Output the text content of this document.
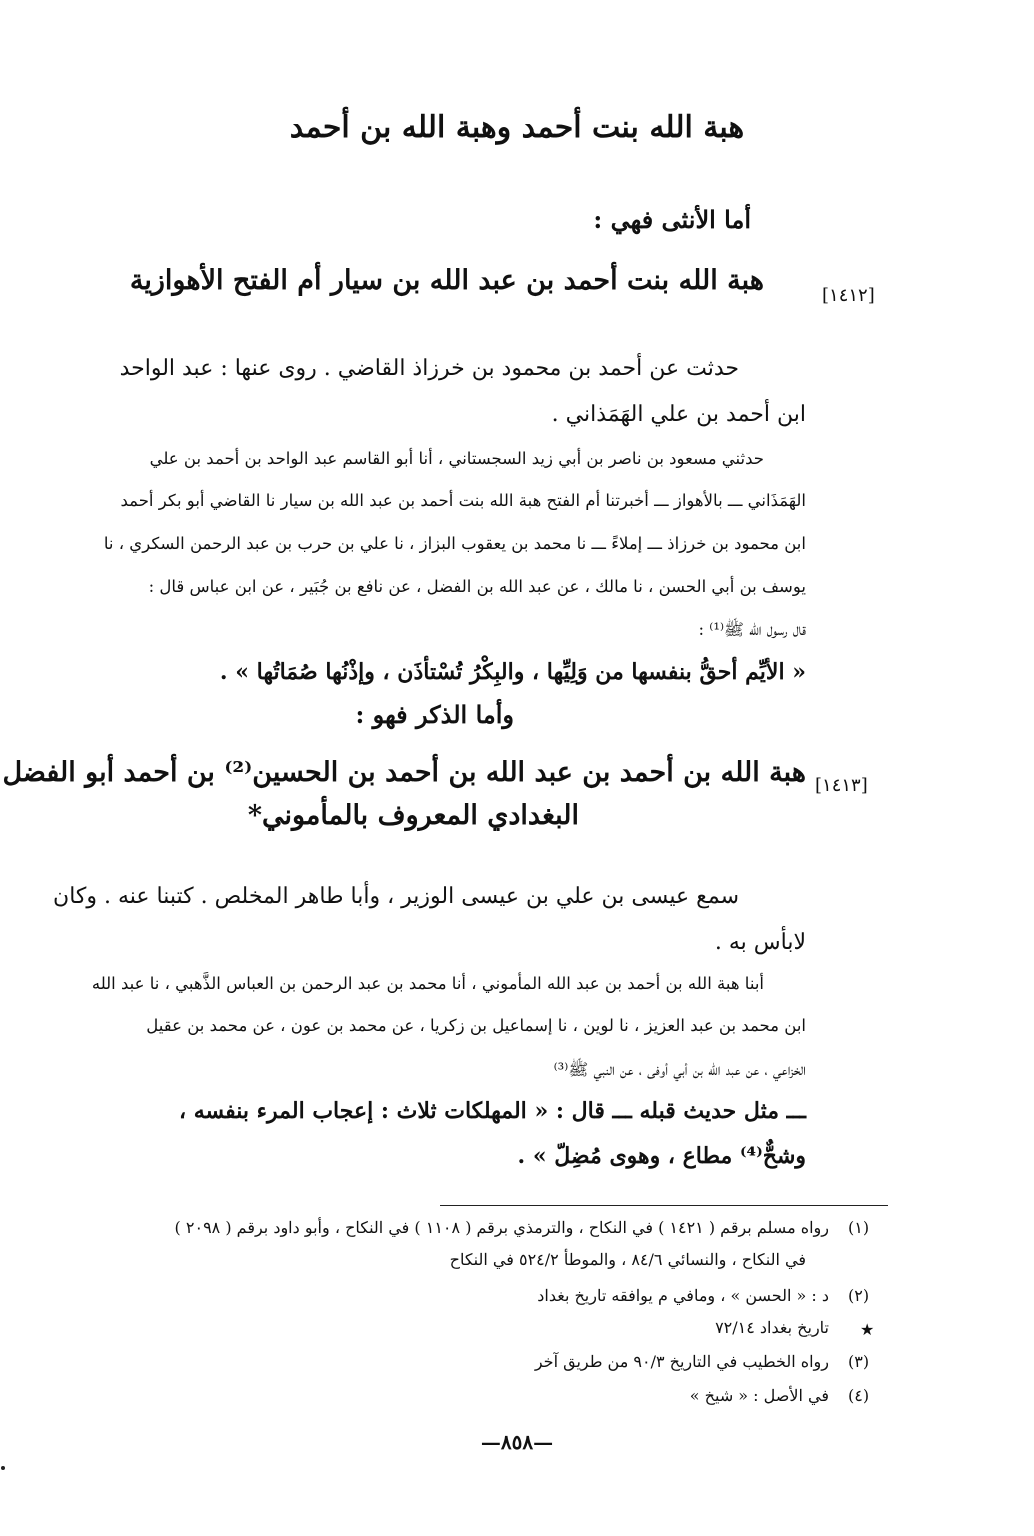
هبة الله بنت أحمد وهبة الله بن أحمد
أما الأنثى فهي :
[١٤١٢]
هبة الله بنت أحمد بن عبد الله بن سيار أم الفتح الأهوازية
حدثت عن أحمد بن محمود بن خرزاذ القاضي . روى عنها : عبد الواحد
ابن أحمد بن علي الهَمَذاني .
حدثني مسعود بن ناصر بن أبي زيد السجستاني ، أنا أبو القاسم عبد الواحد بن أحمد بن علي
الهَمَذَاني ـــ بالأهواز ـــ أخبرتنا أم الفتح هبة الله بنت أحمد بن عبد الله بن سيار نا القاضي أبو بكر أحمد
ابن محمود بن خرزاذ ـــ إملاءً ـــ نا محمد بن يعقوب البزاز ، نا علي بن حرب بن عبد الرحمن السكري ، نا
يوسف بن أبي الحسن ، نا مالك ، عن عبد الله بن الفضل ، عن نافع بن جُبَير ، عن ابن عباس قال :
قال رسول الله ﷺ⁽¹⁾ :
« الأيِّم أحقُّ بنفسها من وَلِيِّها ، والبِكْرُ تُسْتأذَن ، وإذْنُها صُمَاتُها » .
وأما الذكر فهو :
[١٤١٣]
هبة الله بن أحمد بن عبد الله بن أحمد بن الحسين⁽²⁾ بن أحمد أبو الفضل
البغدادي المعروف بالمأموني*
سمع عيسى بن علي بن عيسى الوزير ، وأبا طاهر المخلص . كتبنا عنه . وكان
لابأس به .
أبنا هبة الله بن أحمد بن عبد الله المأموني ، أنا محمد بن عبد الرحمن بن العباس الذَّهبي ، نا عبد الله
ابن محمد بن عبد العزيز ، نا لوين ، نا إسماعيل بن زكريا ، عن محمد بن عون ، عن محمد بن عقيل
الخزاعي ، عن عبد الله بن أبي أوفى ، عن النبي ﷺ⁽³⁾
ـــ مثل حديث قبله ـــ قال : « المهلكات ثلاث : إعجاب المرء بنفسه ،
وشحٌّ⁽⁴⁾ مطاع ، وهوى مُضِلّ » .
(١)
رواه مسلم برقم ( ١٤٢١ ) في النكاح ، والترمذي برقم ( ١١٠٨ ) في النكاح ، وأبو داود برقم ( ٢٠٩٨ )
في النكاح ، والنسائي ٨٤/٦ ، والموطأ ٥٢٤/٢ في النكاح
(٢)
د : « الحسن » ، ومافي م يوافقه تاريخ بغداد
★
تاريخ بغداد ٧٢/١٤
(٣)
رواه الخطيب في التاريخ ٩٠/٣ من طريق آخر
(٤)
في الأصل : « شيخ »
—٨٥٨—
